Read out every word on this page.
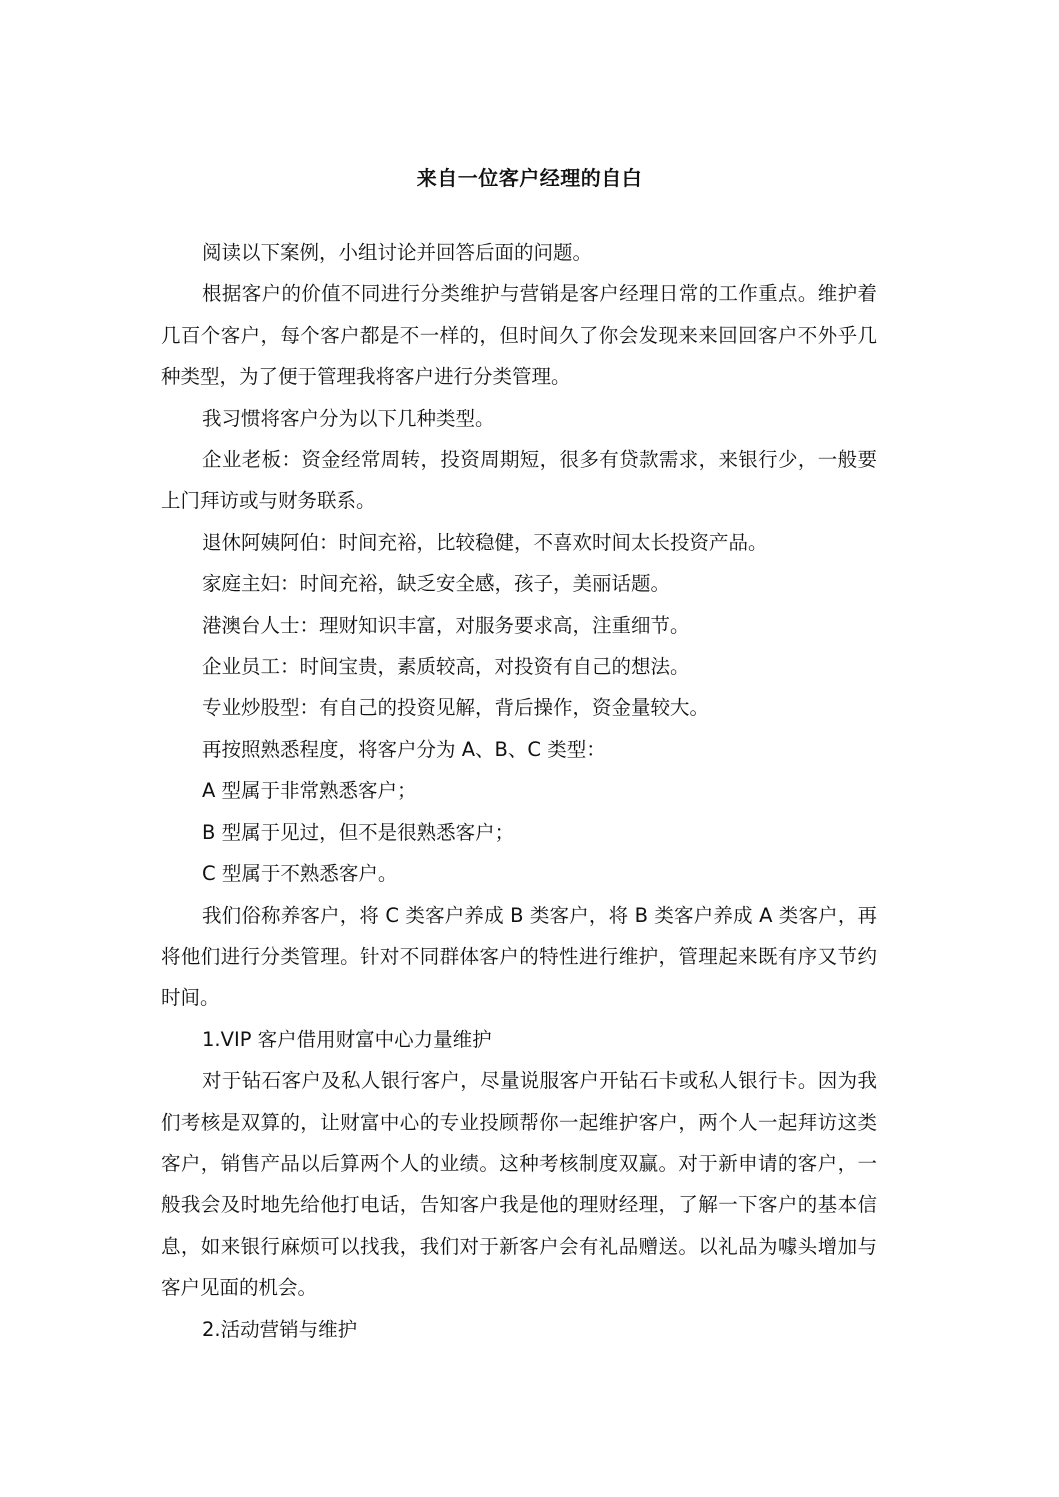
来自一位客户经理的自白

阅读以下案例，小组讨论并回答后面的问题。

根据客户的价值不同进行分类维护与营销是客户经理日常的工作重点。维护着几百个客户，每个客户都是不一样的，但时间久了你会发现来来回回客户不外乎几种类型，为了便于管理我将客户进行分类管理。

我习惯将客户分为以下几种类型。

企业老板：资金经常周转，投资周期短，很多有贷款需求，来银行少，一般要上门拜访或与财务联系。

退休阿姨阿伯：时间充裕，比较稳健，不喜欢时间太长投资产品。

家庭主妇：时间充裕，缺乏安全感，孩子，美丽话题。

港澳台人士：理财知识丰富，对服务要求高，注重细节。

企业员工：时间宝贵，素质较高，对投资有自己的想法。

专业炒股型：有自己的投资见解，背后操作，资金量较大。

再按照熟悉程度，将客户分为 A、B、C 类型：

A 型属于非常熟悉客户；

B 型属于见过，但不是很熟悉客户；

C 型属于不熟悉客户。

我们俗称养客户，将 C 类客户养成 B 类客户，将 B 类客户养成 A 类客户，再将他们进行分类管理。针对不同群体客户的特性进行维护，管理起来既有序又节约时间。

1.VIP 客户借用财富中心力量维护

对于钻石客户及私人银行客户，尽量说服客户开钻石卡或私人银行卡。因为我们考核是双算的，让财富中心的专业投顾帮你一起维护客户，两个人一起拜访这类客户，销售产品以后算两个人的业绩。这种考核制度双赢。对于新申请的客户，一般我会及时地先给他打电话，告知客户我是他的理财经理，了解一下客户的基本信息，如来银行麻烦可以找我，我们对于新客户会有礼品赠送。以礼品为噱头增加与客户见面的机会。

2.活动营销与维护
